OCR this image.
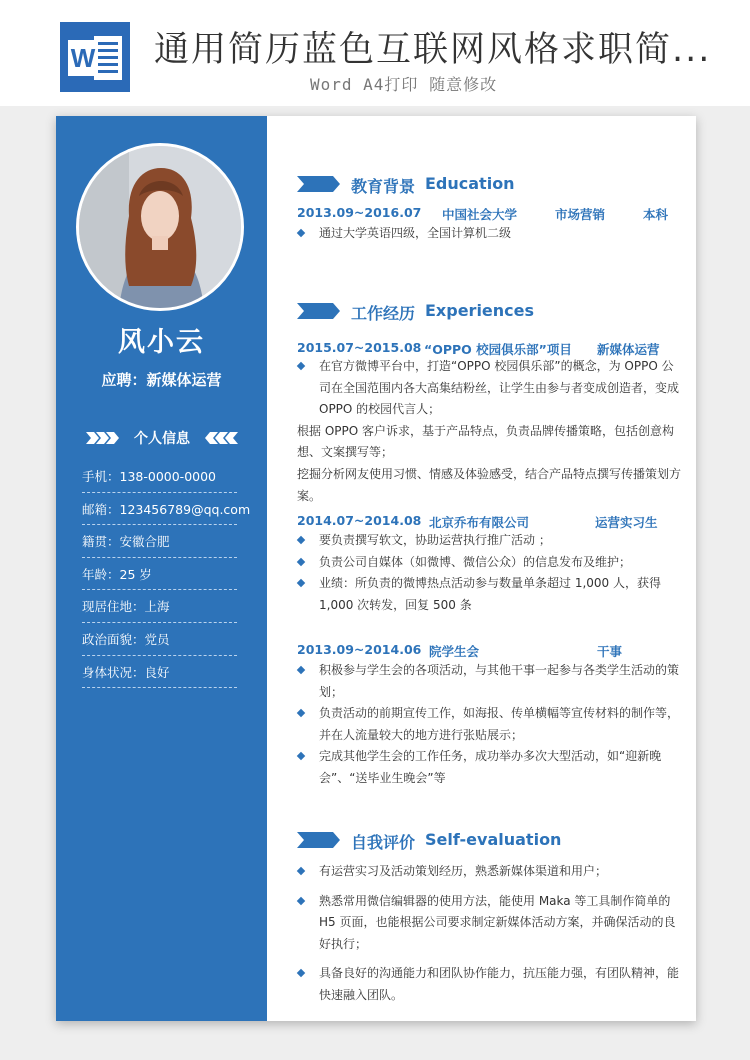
W 通用简历蓝色互联网风格求职简...
Word A4打印 随意修改
风小云
应聘：新媒体运营
个人信息
手机：138-0000-0000
邮箱：123456789@qq.com
籍贯：安徽合肥
年龄：25 岁
现居住地：上海
政治面貌：党员
身体状况：良好
教育背景 Education
2013.09~2016.07 中国社会大学	市场营销	本科
通过大学英语四级，全国计算机二级
工作经历 Experiences
2015.07~2015.08 “OPPO 校园俱乐部”项目 新媒体运营
在官方微博平台中，打造“OPPO 校园俱乐部”的概念，为 OPPO 公司在全国范围内各大高集结粉丝，让学生由参与者变成创造者，变成 OPPO 的校园代言人；
根据 OPPO 客户诉求，基于产品特点，负责品牌传播策略，包括创意构想、文案撰写等；
挖掘分析网友使用习惯、情感及体验感受，结合产品特点撰写传播策划方案。
2014.07~2014.08 北京乔布有限公司	运营实习生
要负责撰写软文，协助运营执行推广活动 ；
负责公司自媒体（如微博、微信公众）的信息发布及维护；
业绩：所负责的微博热点活动参与数量单条超过 1,000 人，获得 1,000 次转发，回复 500 条
2013.09~2014.06 院学生会	干事
积极参与学生会的各项活动，与其他干事一起参与各类学生活动的策划；
负责活动的前期宣传工作，如海报、传单横幅等宣传材料的制作等，并在人流量较大的地方进行张贴展示；
完成其他学生会的工作任务，成功举办多次大型活动，如“迎新晚会”、“送毕业生晚会”等
自我评价 Self-evaluation
有运营实习及活动策划经历，熟悉新媒体渠道和用户；
熟悉常用微信编辑器的使用方法，能使用 Maka 等工具制作简单的 H5 页面，也能根据公司要求制定新媒体活动方案，并确保活动的良好执行；
具备良好的沟通能力和团队协作能力，抗压能力强，有团队精神，能快速融入团队。
